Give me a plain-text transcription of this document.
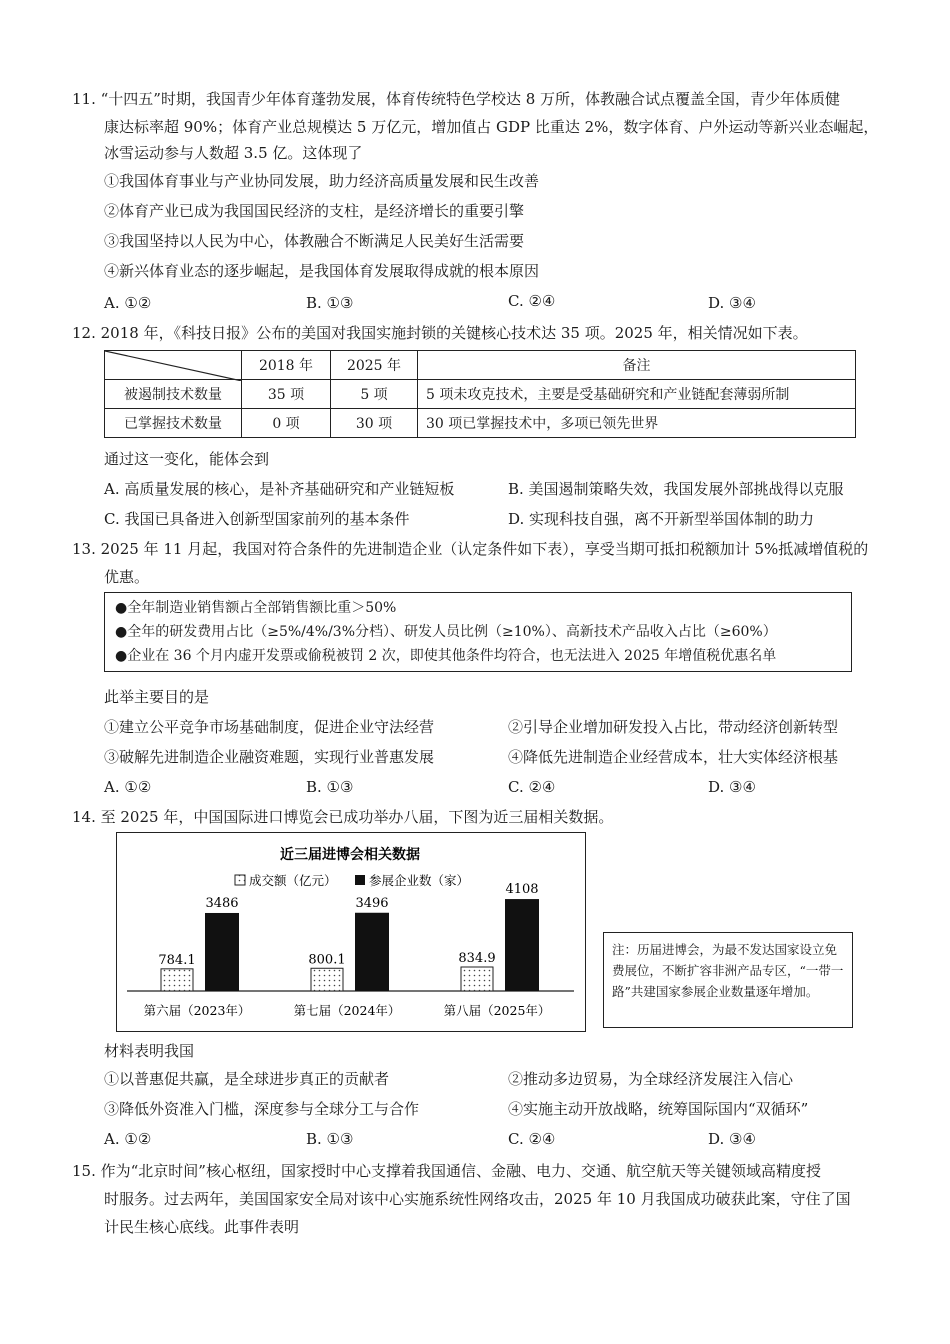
11. “十四五”时期，我国青少年体育蓬勃发展，体育传统特色学校达 8 万所，体教融合试点覆盖全国，青少年体质健
康达标率超 90%；体育产业总规模达 5 万亿元，增加值占 GDP 比重达 2%，数字体育、户外运动等新兴业态崛起，
冰雪运动参与人数超 3.5 亿。这体现了
①我国体育事业与产业协同发展，助力经济高质量发展和民生改善
②体育产业已成为我国国民经济的支柱，是经济增长的重要引擎
③我国坚持以人民为中心，体教融合不断满足人民美好生活需要
④新兴体育业态的逐步崛起，是我国体育发展取得成就的根本原因
A. ①②	B. ①③	C. ②④	D. ③④
12. 2018 年，《科技日报》公布的美国对我国实施封锁的关键核心技术达 35 项。2025 年，相关情况如下表。
	2018 年	2025 年	备注
被遏制技术数量	35 项	5 项	5 项未攻克技术，主要是受基础研究和产业链配套薄弱所制
已掌握技术数量	0 项	30 项	30 项已掌握技术中，多项已领先世界
通过这一变化，能体会到
A. 高质量发展的核心，是补齐基础研究和产业链短板	B. 美国遏制策略失效，我国发展外部挑战得以克服
C. 我国已具备进入创新型国家前列的基本条件	D. 实现科技自强，离不开新型举国体制的助力
13. 2025 年 11 月起，我国对符合条件的先进制造企业（认定条件如下表），享受当期可抵扣税额加计 5%抵减增值税的
优惠。
●全年制造业销售额占全部销售额比重＞50%
●全年的研发费用占比（≥5%/4%/3%分档）、研发人员比例（≥10%）、高新技术产品收入占比（≥60%）
●企业在 36 个月内虚开发票或偷税被罚 2 次，即使其他条件均符合，也无法进入 2025 年增值税优惠名单
此举主要目的是
①建立公平竞争市场基础制度，促进企业守法经营	②引导企业增加研发投入占比，带动经济创新转型
③破解先进制造企业融资难题，实现行业普惠发展	④降低先进制造企业经营成本，壮大实体经济根基
A. ①②	B. ①③	C. ②④	D. ③④
14. 至 2025 年，中国国际进口博览会已成功举办八届，下图为近三届相关数据。
近三届进博会相关数据
成交额（亿元）	参展企业数（家）
784.1
3486
第六届（2023年）
800.1
3496
第七届（2024年）
834.9
4108
第八届（2025年）
注：历届进博会，为最不发达国家设立免费展位，不断扩容非洲产品专区，“一带一路”共建国家参展企业数量逐年增加。
材料表明我国
①以普惠促共赢，是全球进步真正的贡献者	②推动多边贸易，为全球经济发展注入信心
③降低外资准入门槛，深度参与全球分工与合作	④实施主动开放战略，统筹国际国内“双循环”
A. ①②	B. ①③	C. ②④	D. ③④
15. 作为“北京时间”核心枢纽，国家授时中心支撑着我国通信、金融、电力、交通、航空航天等关键领域高精度授
时服务。过去两年，美国国家安全局对该中心实施系统性网络攻击，2025 年 10 月我国成功破获此案，守住了国
计民生核心底线。此事件表明
